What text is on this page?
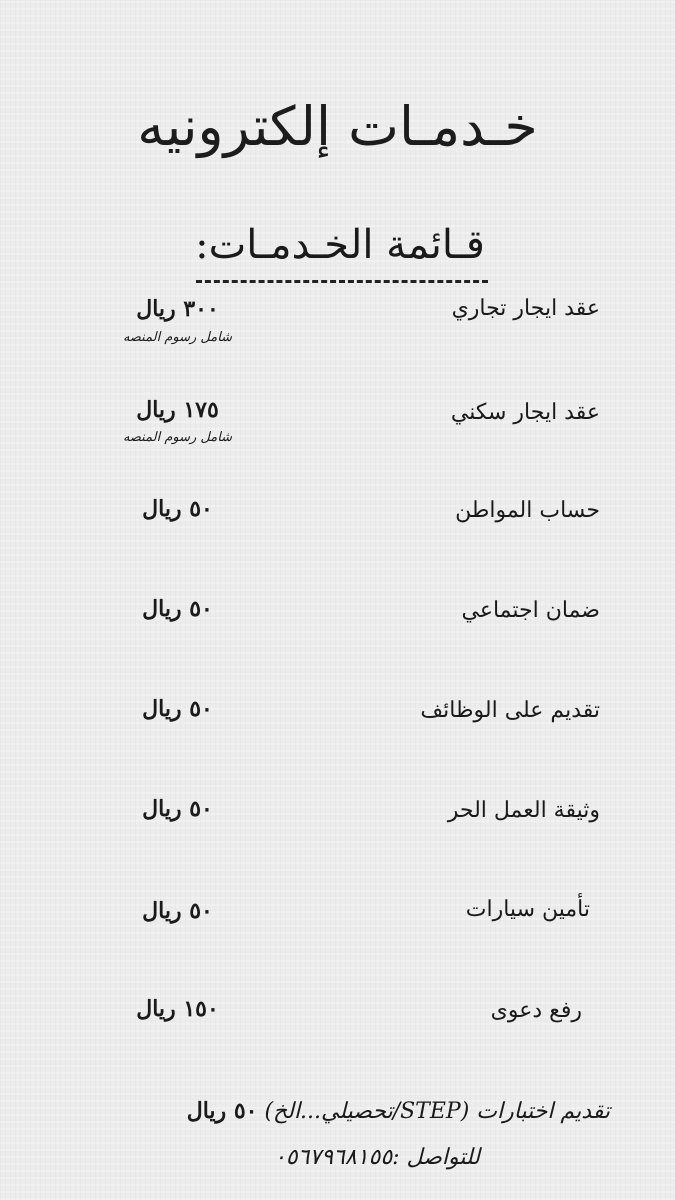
خـدمـات إلكترونيه
قـائمة الخـدمـات:
عقد ايجار تجاري
٣٠٠ ريال
شامل رسوم المنصه
عقد ايجار سكني
١٧٥ ريال
شامل رسوم المنصه
حساب المواطن
٥٠ ريال
ضمان اجتماعي
٥٠ ريال
تقديم على الوظائف
٥٠ ريال
وثيقة العمل الحر
٥٠ ريال
تأمين سيارات
٥٠ ريال
رفع دعوى
١٥٠ ريال
تقديم اختبارات (STEP/تحصيلي...الخ) ٥٠ ريال
للتواصل :٠٥٦٧٩٦٨١٥٥
